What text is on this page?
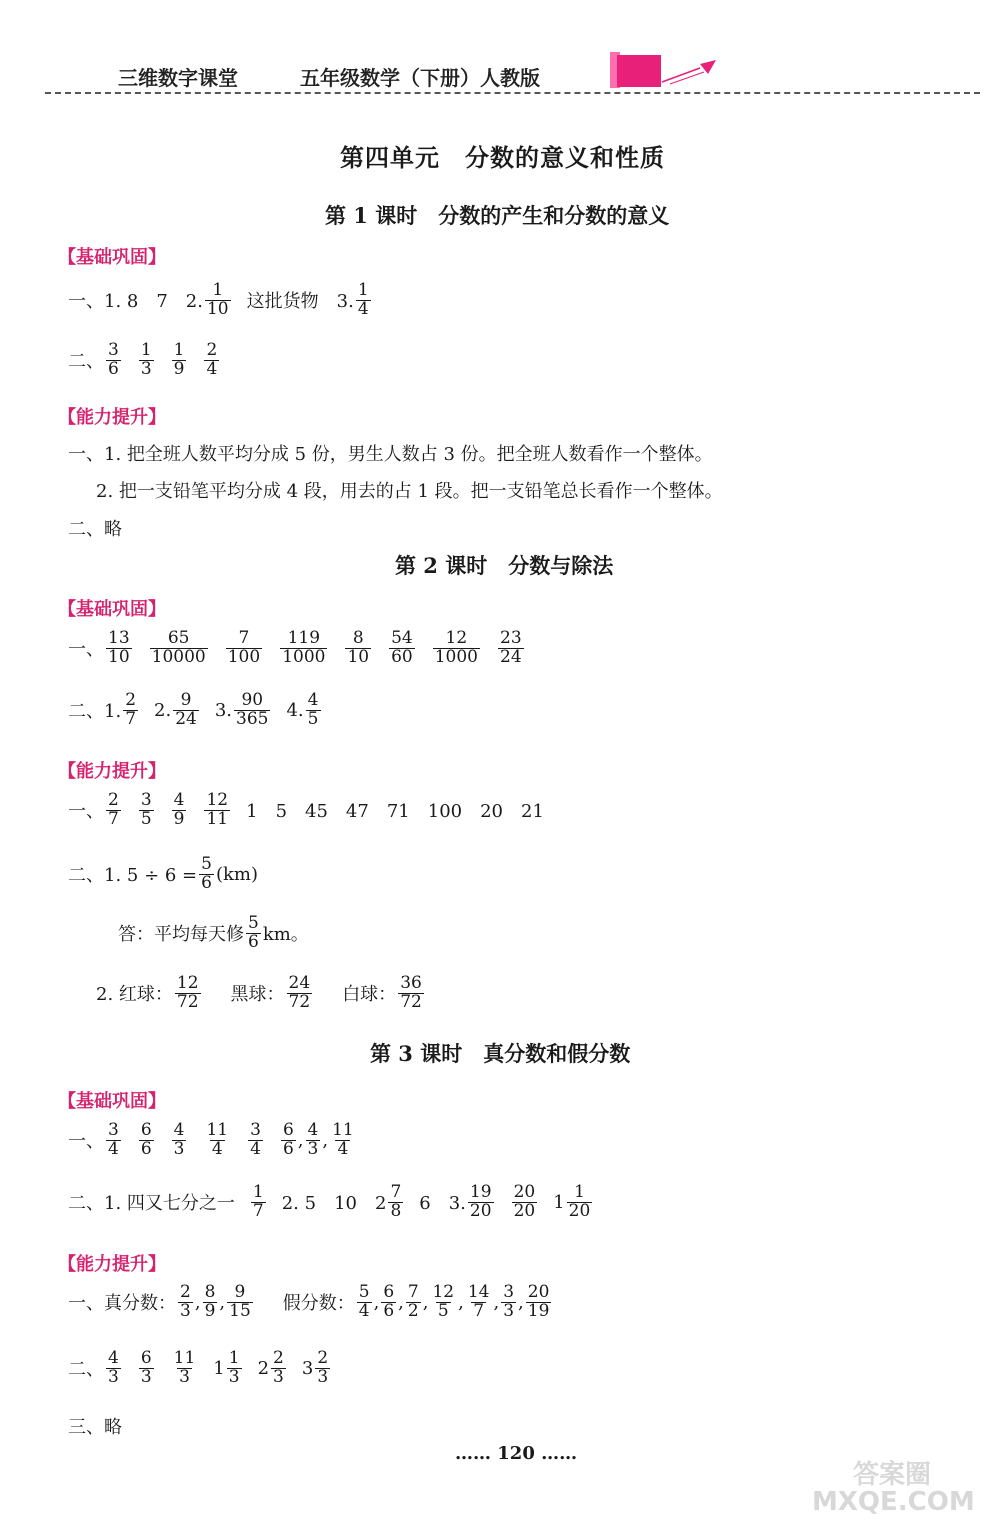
三维数字课堂	五年级数学（下册）人教版
第四单元　分数的意义和性质
第 1 课时　分数的产生和分数的意义
【基础巩固】
一、1. 8　7　2. $\frac{1}{10}$ 这批货物　3. $\frac{1}{4}$
二、 $\frac{3}{6} \frac{1}{3} \frac{1}{9} \frac{2}{4}$
【能力提升】
一、1. 把全班人数平均分成 5 份，男生人数占 3 份。把全班人数看作一个整体。
2. 把一支铅笔平均分成 4 段，用去的占 1 段。把一支铅笔总长看作一个整体。
二、略
第 2 课时　分数与除法
【基础巩固】
一、 $\frac{13}{10} \frac{65}{10000} \frac{7}{100} \frac{119}{1000} \frac{8}{10} \frac{54}{60} \frac{12}{1000} \frac{23}{24}$
二、1. $\frac{2}{7} 2$. $\frac{9}{24} 3$. $\frac{90}{365} 4$. $\frac{4}{5}$
【能力提升】
一、 $\frac{2}{7} \frac{3}{5} \frac{4}{9} \frac{12}{11} 1$　5　45　47　71　100　20　21
二、1. $5 \div 6 = \frac{5}{6} (km)$
答：平均每天修 $\frac{5}{6}$ km。
2. 红球： $\frac{12}{72}$ 黑球： $\frac{24}{72}$ 白球： $\frac{36}{72}$
第 3 课时　真分数和假分数
【基础巩固】
一、 $\frac{3}{4} \frac{6}{6} \frac{4}{3} \frac{11}{4} \frac{3}{4} \frac{6}{6}$ , $\frac{4}{3}$ , $\frac{11}{4}$
二、1. 四又七分之一 $\frac{1}{7} 2$. 5　10　$2 \frac{7}{8} 6$　3. $\frac{19}{20} \frac{20}{20} 1 \frac{1}{20}$
【能力提升】
一、真分数： $\frac{2}{3}$ , $\frac{8}{9}$ , $\frac{9}{15}$ 假分数： $\frac{5}{4}$ , $\frac{6}{6}$ , $\frac{7}{2}$ , $\frac{12}{5}$ , $\frac{14}{7}$ , $\frac{3}{3}$ , $\frac{20}{19}$
二、 $\frac{4}{3} \frac{6}{3} \frac{11}{3} 1 \frac{1}{3} 2 \frac{2}{3} 3 \frac{2}{3}$
三、略
…… 120 ……
答案圈 MXQE.COM
